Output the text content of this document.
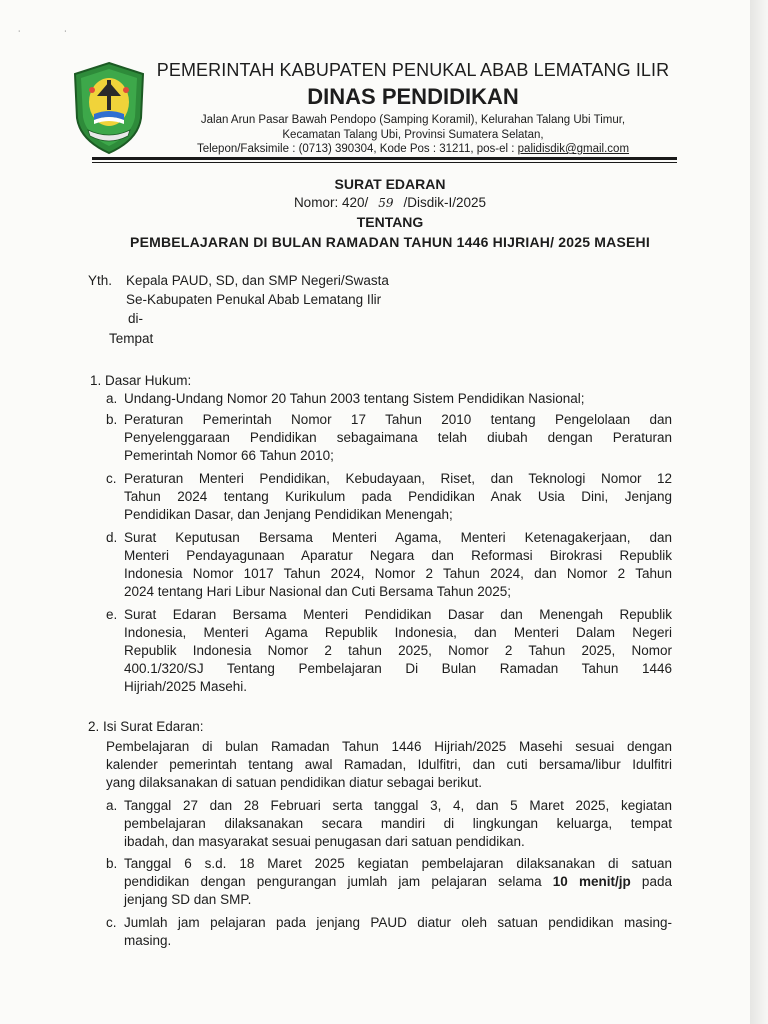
˙ ˙
PEMERINTAH KABUPATEN PENUKAL ABAB LEMATANG ILIR
DINAS PENDIDIKAN
Jalan Arun Pasar Bawah Pendopo (Samping Koramil), Kelurahan Talang Ubi Timur,
Kecamatan Talang Ubi, Provinsi Sumatera Selatan,
Telepon/Faksimile : (0713) 390304, Kode Pos : 31211, pos-el : palidisdik@gmail.com
SURAT EDARAN
Nomor: 420/ 59 /Disdik-I/2025
TENTANG
PEMBELAJARAN DI BULAN RAMADAN TAHUN 1446 HIJRIAH/ 2025 MASEHI
Yth. Kepala PAUD, SD, dan SMP Negeri/Swasta
Se-Kabupaten Penukal Abab Lematang Ilir
di-
Tempat
1. Dasar Hukum:
a. Undang-Undang Nomor 20 Tahun 2003 tentang Sistem Pendidikan Nasional;
b. Peraturan Pemerintah Nomor 17 Tahun 2010 tentang Pengelolaan dan
Penyelenggaraan Pendidikan sebagaimana telah diubah dengan Peraturan
Pemerintah Nomor 66 Tahun 2010;
c. Peraturan Menteri Pendidikan, Kebudayaan, Riset, dan Teknologi Nomor 12
Tahun 2024 tentang Kurikulum pada Pendidikan Anak Usia Dini, Jenjang
Pendidikan Dasar, dan Jenjang Pendidikan Menengah;
d. Surat Keputusan Bersama Menteri Agama, Menteri Ketenagakerjaan, dan
Menteri Pendayagunaan Aparatur Negara dan Reformasi Birokrasi Republik
Indonesia Nomor 1017 Tahun 2024, Nomor 2 Tahun 2024, dan Nomor 2 Tahun
2024 tentang Hari Libur Nasional dan Cuti Bersama Tahun 2025;
e. Surat Edaran Bersama Menteri Pendidikan Dasar dan Menengah Republik
Indonesia, Menteri Agama Republik Indonesia, dan Menteri Dalam Negeri
Republik Indonesia Nomor 2 tahun 2025, Nomor 2 Tahun 2025, Nomor
400.1/320/SJ Tentang Pembelajaran Di Bulan Ramadan Tahun 1446
Hijriah/2025 Masehi.
2. Isi Surat Edaran:
Pembelajaran di bulan Ramadan Tahun 1446 Hijriah/2025 Masehi sesuai dengan
kalender pemerintah tentang awal Ramadan, Idulfitri, dan cuti bersama/libur Idulfitri
yang dilaksanakan di satuan pendidikan diatur sebagai berikut.
a. Tanggal 27 dan 28 Februari serta tanggal 3, 4, dan 5 Maret 2025, kegiatan
pembelajaran dilaksanakan secara mandiri di lingkungan keluarga, tempat
ibadah, dan masyarakat sesuai penugasan dari satuan pendidikan.
b. Tanggal 6 s.d. 18 Maret 2025 kegiatan pembelajaran dilaksanakan di satuan
pendidikan dengan pengurangan jumlah jam pelajaran selama 10 menit/jp pada
jenjang SD dan SMP.
c. Jumlah jam pelajaran pada jenjang PAUD diatur oleh satuan pendidikan masing-
masing.
